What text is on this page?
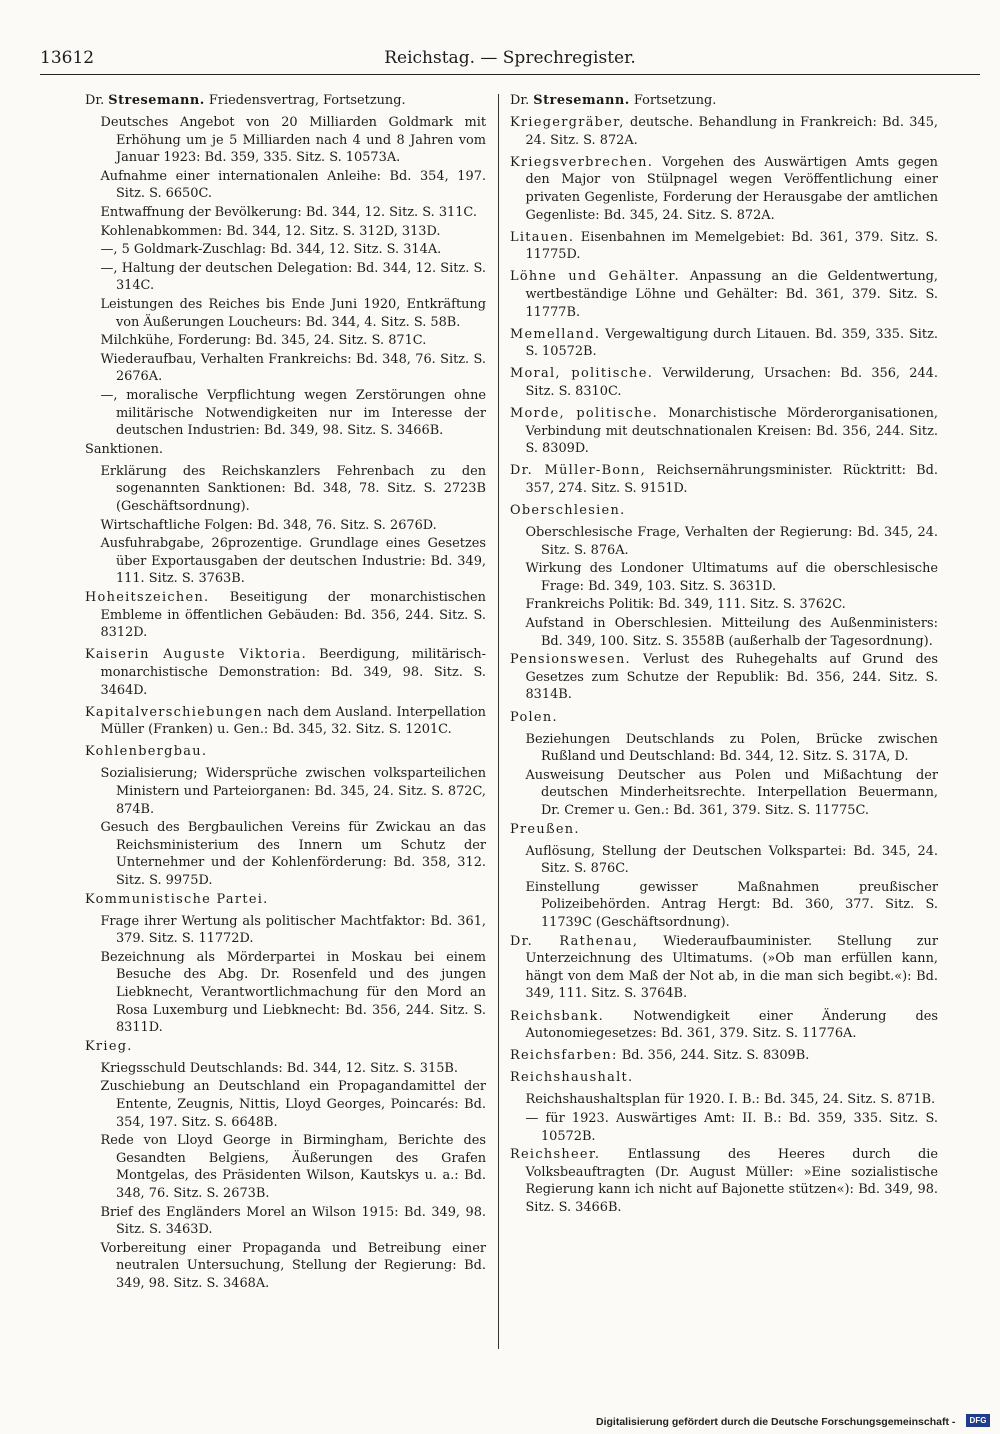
13612	Reichstag. — Sprechregister.

Dr. Stresemann. Friedensvertrag, Fortsetzung.

Deutsches Angebot von 20 Milliarden Goldmark mit Erhöhung um je 5 Milliarden nach 4 und 8 Jahren vom Januar 1923: Bd. 359, 335. Sitz. S. 10573A.

Aufnahme einer internationalen Anleihe: Bd. 354, 197. Sitz. S. 6650C.

Entwaffnung der Bevölkerung: Bd. 344, 12. Sitz. S. 311C.

Kohlenabkommen: Bd. 344, 12. Sitz. S. 312D, 313D.

—, 5 Goldmark-Zuschlag: Bd. 344, 12. Sitz. S. 314A.

—, Haltung der deutschen Delegation: Bd. 344, 12. Sitz. S. 314C.

Leistungen des Reiches bis Ende Juni 1920, Entkräftung von Äußerungen Loucheurs: Bd. 344, 4. Sitz. S. 58B.

Milchkühe, Forderung: Bd. 345, 24. Sitz. S. 871C.

Wiederaufbau, Verhalten Frankreichs: Bd. 348, 76. Sitz. S. 2676A.

—, moralische Verpflichtung wegen Zerstörungen ohne militärische Notwendigkeiten nur im Interesse der deutschen Industrien: Bd. 349, 98. Sitz. S. 3466B.

Sanktionen.

Erklärung des Reichskanzlers Fehrenbach zu den sogenannten Sanktionen: Bd. 348, 78. Sitz. S. 2723B (Geschäftsordnung).

Wirtschaftliche Folgen: Bd. 348, 76. Sitz. S. 2676D.

Ausfuhrabgabe, 26prozentige. Grundlage eines Gesetzes über Exportausgaben der deutschen Industrie: Bd. 349, 111. Sitz. S. 3763B.

Hoheitszeichen. Beseitigung der monarchistischen Embleme in öffentlichen Gebäuden: Bd. 356, 244. Sitz. S. 8312D.

Kaiserin Auguste Viktoria. Beerdigung, militärisch-monarchistische Demonstration: Bd. 349, 98. Sitz. S. 3464D.

Kapitalverschiebungen nach dem Ausland. Interpellation Müller (Franken) u. Gen.: Bd. 345, 32. Sitz. S. 1201C.

Kohlenbergbau.

Sozialisierung; Widersprüche zwischen volksparteilichen Ministern und Parteiorganen: Bd. 345, 24. Sitz. S. 872C, 874B.

Gesuch des Bergbaulichen Vereins für Zwickau an das Reichsministerium des Innern um Schutz der Unternehmer und der Kohlenförderung: Bd. 358, 312. Sitz. S. 9975D.

Kommunistische Partei.

Frage ihrer Wertung als politischer Machtfaktor: Bd. 361, 379. Sitz. S. 11772D.

Bezeichnung als Mörderpartei in Moskau bei einem Besuche des Abg. Dr. Rosenfeld und des jungen Liebknecht, Verantwortlichmachung für den Mord an Rosa Luxemburg und Liebknecht: Bd. 356, 244. Sitz. S. 8311D.

Krieg.

Kriegsschuld Deutschlands: Bd. 344, 12. Sitz. S. 315B.

Zuschiebung an Deutschland ein Propagandamittel der Entente, Zeugnis, Nittis, Lloyd Georges, Poincarés: Bd. 354, 197. Sitz. S. 6648B.

Rede von Lloyd George in Birmingham, Berichte des Gesandten Belgiens, Äußerungen des Grafen Montgelas, des Präsidenten Wilson, Kautskys u. a.: Bd. 348, 76. Sitz. S. 2673B.

Brief des Engländers Morel an Wilson 1915: Bd. 349, 98. Sitz. S. 3463D.

Vorbereitung einer Propaganda und Betreibung einer neutralen Untersuchung, Stellung der Regierung: Bd. 349, 98. Sitz. S. 3468A.

Dr. Stresemann. Fortsetzung.

Kriegergräber, deutsche. Behandlung in Frankreich: Bd. 345, 24. Sitz. S. 872A.

Kriegsverbrechen. Vorgehen des Auswärtigen Amts gegen den Major von Stülpnagel wegen Veröffentlichung einer privaten Gegenliste, Forderung der Herausgabe der amtlichen Gegenliste: Bd. 345, 24. Sitz. S. 872A.

Litauen. Eisenbahnen im Memelgebiet: Bd. 361, 379. Sitz. S. 11775D.

Löhne und Gehälter. Anpassung an die Geldentwertung, wertbeständige Löhne und Gehälter: Bd. 361, 379. Sitz. S. 11777B.

Memelland. Vergewaltigung durch Litauen. Bd. 359, 335. Sitz. S. 10572B.

Moral, politische. Verwilderung, Ursachen: Bd. 356, 244. Sitz. S. 8310C.

Morde, politische. Monarchistische Mörderorganisationen, Verbindung mit deutschnationalen Kreisen: Bd. 356, 244. Sitz. S. 8309D.

Dr. Müller-Bonn, Reichsernährungsminister. Rücktritt: Bd. 357, 274. Sitz. S. 9151D.

Oberschlesien.

Oberschlesische Frage, Verhalten der Regierung: Bd. 345, 24. Sitz. S. 876A.

Wirkung des Londoner Ultimatums auf die oberschlesische Frage: Bd. 349, 103. Sitz. S. 3631D.

Frankreichs Politik: Bd. 349, 111. Sitz. S. 3762C.

Aufstand in Oberschlesien. Mitteilung des Außenministers: Bd. 349, 100. Sitz. S. 3558B (außerhalb der Tagesordnung).

Pensionswesen. Verlust des Ruhegehalts auf Grund des Gesetzes zum Schutze der Republik: Bd. 356, 244. Sitz. S. 8314B.

Polen.

Beziehungen Deutschlands zu Polen, Brücke zwischen Rußland und Deutschland: Bd. 344, 12. Sitz. S. 317A, D.

Ausweisung Deutscher aus Polen und Mißachtung der deutschen Minderheitsrechte. Interpellation Beuermann, Dr. Cremer u. Gen.: Bd. 361, 379. Sitz. S. 11775C.

Preußen.

Auflösung, Stellung der Deutschen Volkspartei: Bd. 345, 24. Sitz. S. 876C.

Einstellung gewisser Maßnahmen preußischer Polizeibehörden. Antrag Hergt: Bd. 360, 377. Sitz. S. 11739C (Geschäftsordnung).

Dr. Rathenau, Wiederaufbauminister. Stellung zur Unterzeichnung des Ultimatums. (»Ob man erfüllen kann, hängt von dem Maß der Not ab, in die man sich begibt.«): Bd. 349, 111. Sitz. S. 3764B.

Reichsbank. Notwendigkeit einer Änderung des Autonomiegesetzes: Bd. 361, 379. Sitz. S. 11776A.

Reichsfarben: Bd. 356, 244. Sitz. S. 8309B.

Reichshaushalt.

Reichshaushaltsplan für 1920. I. B.: Bd. 345, 24. Sitz. S. 871B.

— für 1923. Auswärtiges Amt: II. B.: Bd. 359, 335. Sitz. S. 10572B.

Reichsheer. Entlassung des Heeres durch die Volksbeauftragten (Dr. August Müller: »Eine sozialistische Regierung kann ich nicht auf Bajonette stützen«): Bd. 349, 98. Sitz. S. 3466B.

Digitalisierung gefördert durch die Deutsche Forschungsgemeinschaft -	DFG
